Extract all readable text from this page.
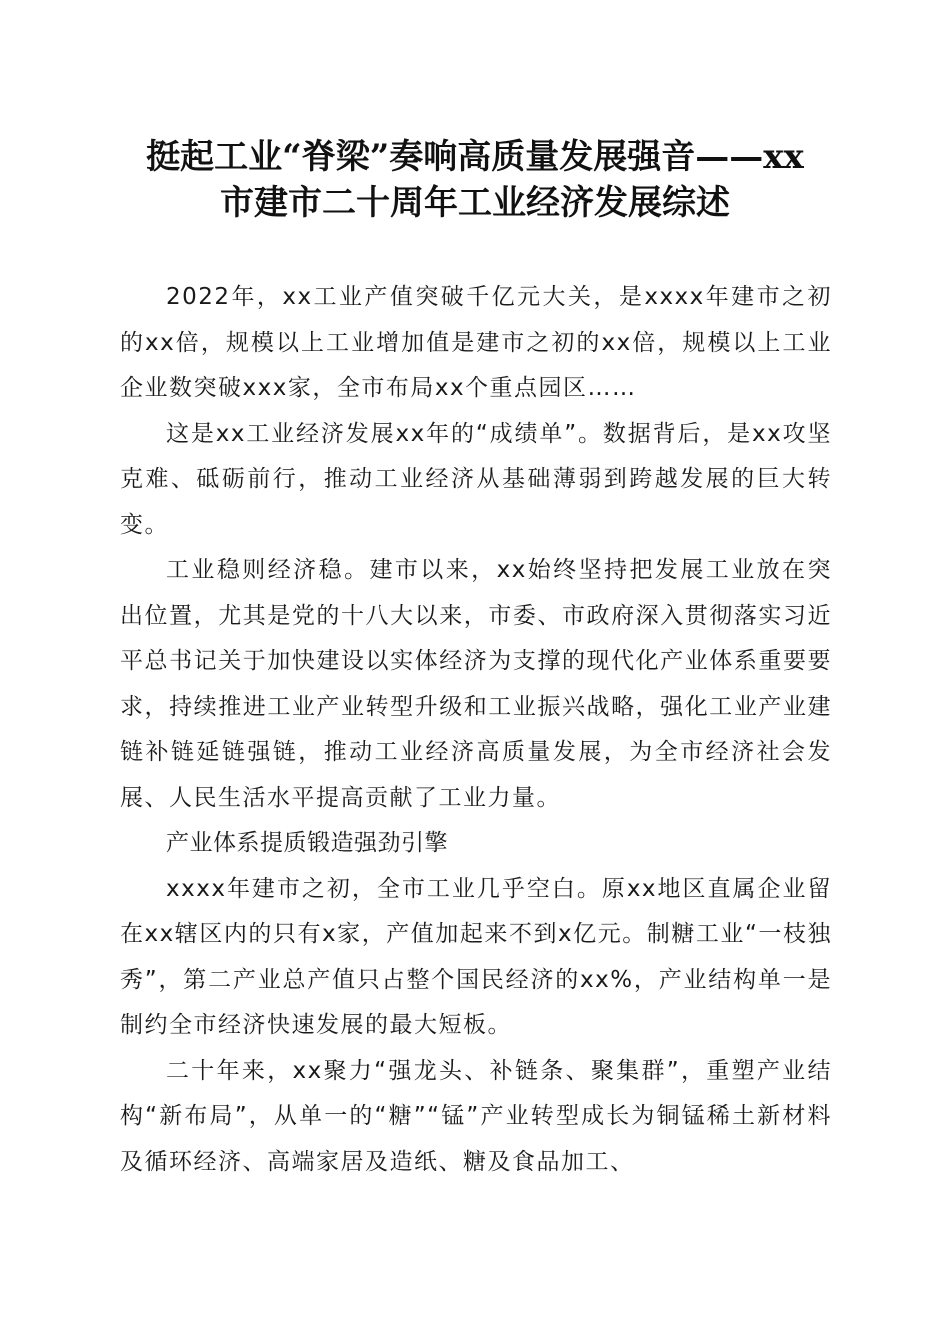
挺起工业“脊梁”奏响高质量发展强音——xx
市建市二十周年工业经济发展综述

2022年，xx工业产值突破千亿元大关，是xxxx年建市之初的xx倍，规模以上工业增加值是建市之初的xx倍，规模以上工业企业数突破xxx家，全市布局xx个重点园区……

这是xx工业经济发展xx年的“成绩单”。数据背后，是xx攻坚克难、砥砺前行，推动工业经济从基础薄弱到跨越发展的巨大转变。

工业稳则经济稳。建市以来，xx始终坚持把发展工业放在突出位置，尤其是党的十八大以来，市委、市政府深入贯彻落实习近平总书记关于加快建设以实体经济为支撑的现代化产业体系重要要求，持续推进工业产业转型升级和工业振兴战略，强化工业产业建链补链延链强链，推动工业经济高质量发展，为全市经济社会发展、人民生活水平提高贡献了工业力量。

产业体系提质锻造强劲引擎

xxxx年建市之初，全市工业几乎空白。原xx地区直属企业留在xx辖区内的只有x家，产值加起来不到x亿元。制糖工业“一枝独秀”，第二产业总产值只占整个国民经济的xx%，产业结构单一是制约全市经济快速发展的最大短板。

二十年来，xx聚力“强龙头、补链条、聚集群”，重塑产业结构“新布局”，从单一的“糖”“锰”产业转型成长为铜锰稀土新材料及循环经济、高端家居及造纸、糖及食品加工、
